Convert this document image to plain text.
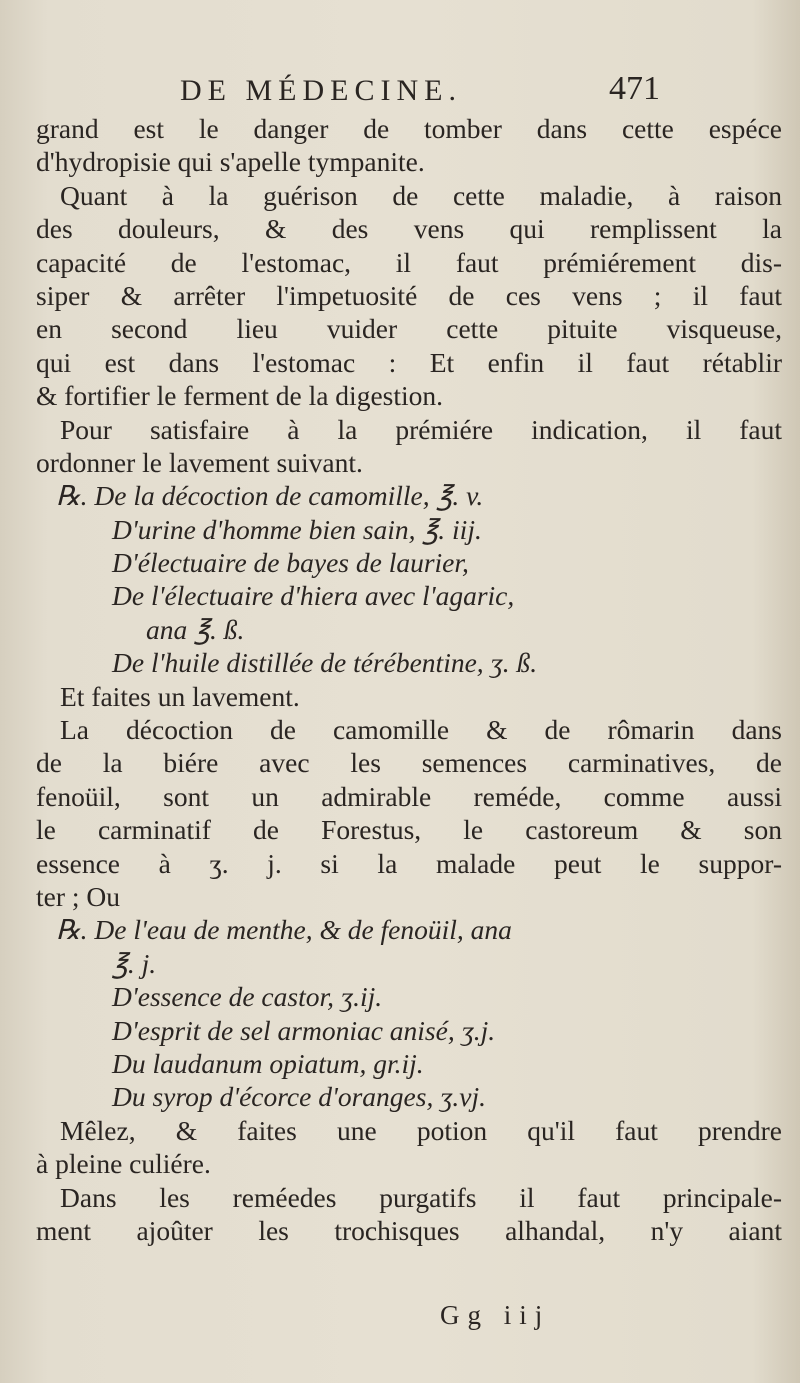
DE MÉDECINE.	471
grand est le danger de tomber dans cette espéce
d'hydropisie qui s'apelle tympanite.
Quant à la guérison de cette maladie, à raison
des douleurs, & des vens qui remplissent la
capacité de l'estomac, il faut prémiérement dis-
siper & arrêter l'impetuosité de ces vens ; il faut
en second lieu vuider cette pituite visqueuse,
qui est dans l'estomac : Et enfin il faut rétablir
& fortifier le ferment de la digestion.
Pour satisfaire à la prémiére indication, il faut
ordonner le lavement suivant.
℞. De la décoction de camomille, ℥. v.
D'urine d'homme bien sain, ℥. iij.
D'électuaire de bayes de laurier,
De l'électuaire d'hiera avec l'agaric,
ana ℥. ß.
De l'huile distillée de térébentine, ʒ. ß.
Et faites un lavement.
La décoction de camomille & de rômarin dans
de la biére avec les semences carminatives, de
fenoüil, sont un admirable reméde, comme aussi
le carminatif de Forestus, le castoreum & son
essence à ʒ. j. si la malade peut le suppor-
ter ; Ou
℞. De l'eau de menthe, & de fenoüil, ana
℥. j.
D'essence de castor, ʒ.ij.
D'esprit de sel armoniac anisé, ʒ.j.
Du laudanum opiatum, gr.ij.
Du syrop d'écorce d'oranges, ʒ.vj.
Mêlez, & faites une potion qu'il faut prendre
à pleine culiére.
Dans les reméedes purgatifs il faut principale-
ment ajoûter les trochisques alhandal, n'y aiant
Gg iij
